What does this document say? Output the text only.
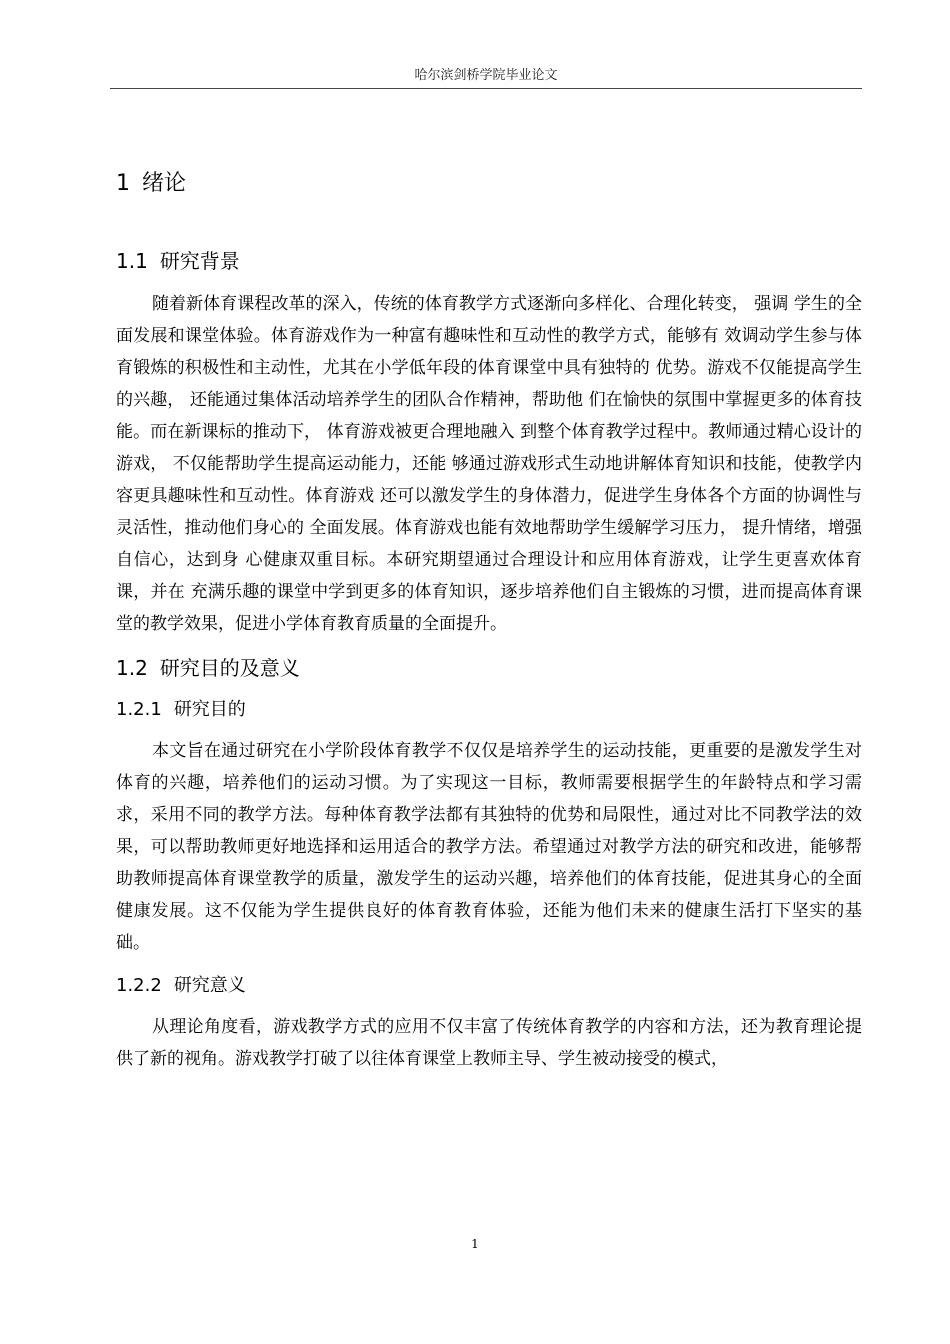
哈尔滨剑桥学院毕业论文
1 绪论
1.1 研究背景

随着新体育课程改革的深入，传统的体育教学方式逐渐向多样化、合理化转变， 强调 学生的全面发展和课堂体验。体育游戏作为一种富有趣味性和互动性的教学方式，能够有 效调动学生参与体育锻炼的积极性和主动性，尤其在小学低年段的体育课堂中具有独特的 优势。游戏不仅能提高学生的兴趣， 还能通过集体活动培养学生的团队合作精神，帮助他 们在愉快的氛围中掌握更多的体育技能。而在新课标的推动下， 体育游戏被更合理地融入 到整个体育教学过程中。教师通过精心设计的游戏， 不仅能帮助学生提高运动能力，还能 够通过游戏形式生动地讲解体育知识和技能，使教学内容更具趣味性和互动性。体育游戏 还可以激发学生的身体潜力，促进学生身体各个方面的协调性与灵活性，推动他们身心的 全面发展。体育游戏也能有效地帮助学生缓解学习压力， 提升情绪，增强自信心，达到身 心健康双重目标。本研究期望通过合理设计和应用体育游戏，让学生更喜欢体育课，并在 充满乐趣的课堂中学到更多的体育知识，逐步培养他们自主锻炼的习惯，进而提高体育课 堂的教学效果，促进小学体育教育质量的全面提升。

1.2 研究目的及意义
1.2.1 研究目的

本文旨在通过研究在小学阶段体育教学不仅仅是培养学生的运动技能，更重要的是激发学生对体育的兴趣，培养他们的运动习惯。为了实现这一目标，教师需要根据学生的年龄特点和学习需求，采用不同的教学方法。每种体育教学法都有其独特的优势和局限性，通过对比不同教学法的效果，可以帮助教师更好地选择和运用适合的教学方法。希望通过对教学方法的研究和改进，能够帮助教师提高体育课堂教学的质量，激发学生的运动兴趣，培养他们的体育技能，促进其身心的全面健康发展。这不仅能为学生提供良好的体育教育体验，还能为他们未来的健康生活打下坚实的基础。

1.2.2 研究意义

从理论角度看，游戏教学方式的应用不仅丰富了传统体育教学的内容和方法，还为教育理论提供了新的视角。游戏教学打破了以往体育课堂上教师主导、学生被动接受的模式，

1
